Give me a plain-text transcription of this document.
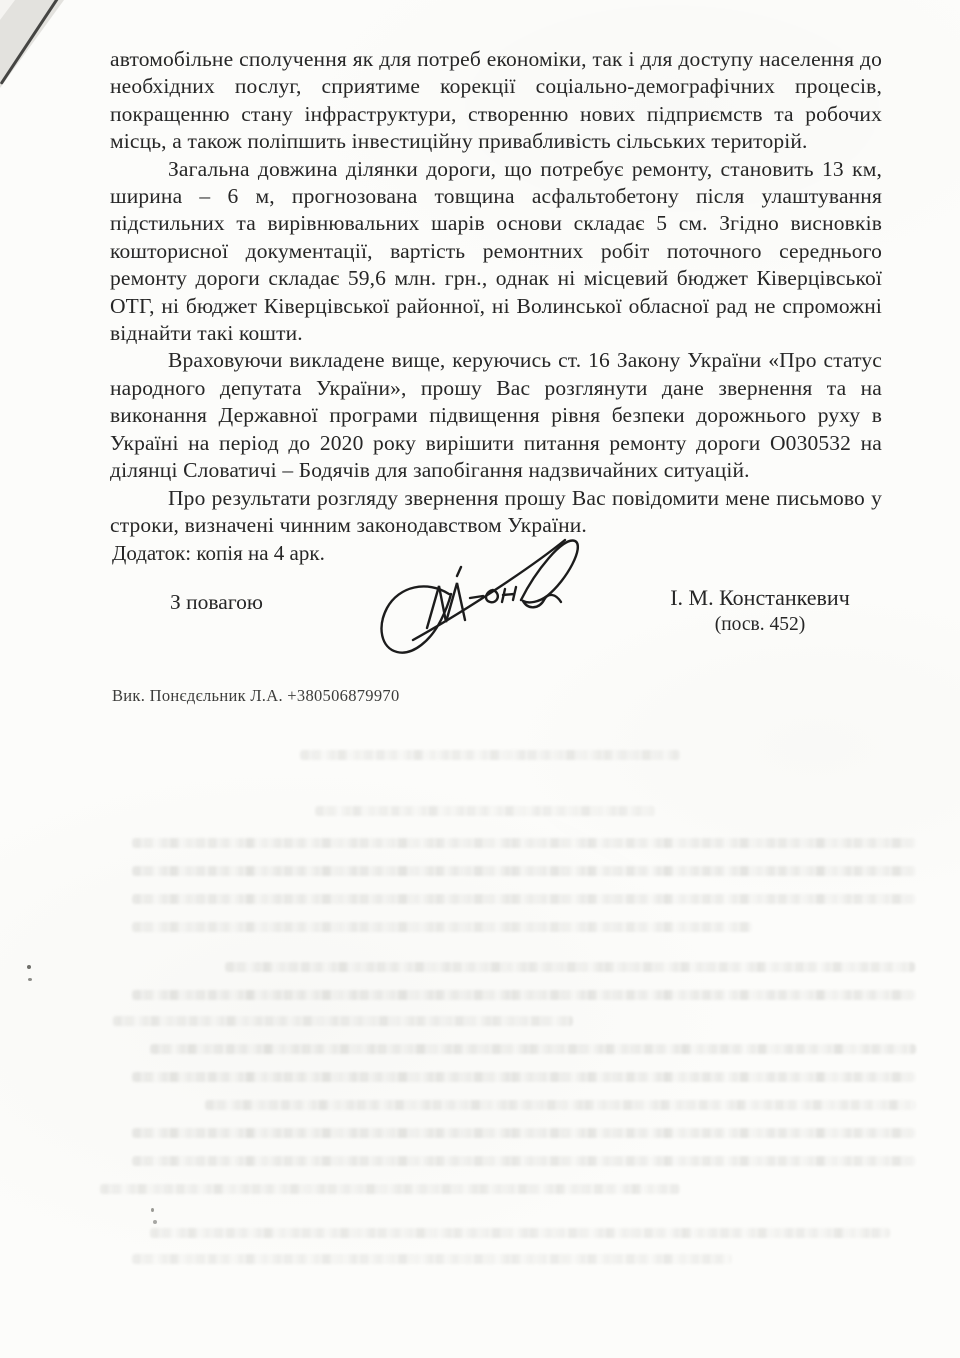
автомобільне сполучення як для потреб економіки, так і для доступу населення до необхідних послуг, сприятиме корекції соціально-демографічних процесів, покращенню стану інфраструктури, створенню нових підприємств та робочих місць, а також поліпшить інвестиційну привабливість сільських територій.

Загальна довжина ділянки дороги, що потребує ремонту, становить 13 км, ширина – 6 м, прогнозована товщина асфальтобетону після улаштування підстильних та вирівнювальних шарів основи складає 5 см. Згідно висновків кошторисної документації, вартість ремонтних робіт поточного середнього ремонту дороги складає 59,6 млн. грн., однак ні місцевий бюджет Ківерцівської ОТГ, ні бюджет Ківерцівської районної, ні Волинської обласної рад не спроможні віднайти такі кошти.

Враховуючи викладене вище, керуючись ст. 16 Закону України «Про статус народного депутата України», прошу Вас розглянути дане звернення та на виконання Державної програми підвищення рівня безпеки дорожнього руху в Україні на період до 2020 року вирішити питання ремонту дороги О030532 на ділянці Словатичі – Бодячів для запобігання надзвичайних ситуацій.

Про результати розгляду звернення прошу Вас повідомити мене письмово у строки, визначені чинним законодавством України.

Додаток: копія на 4 арк.

З повагою	І. М. Констанкевич
(посв. 452)

Вик. Понєдєльник Л.А. +380506879970
